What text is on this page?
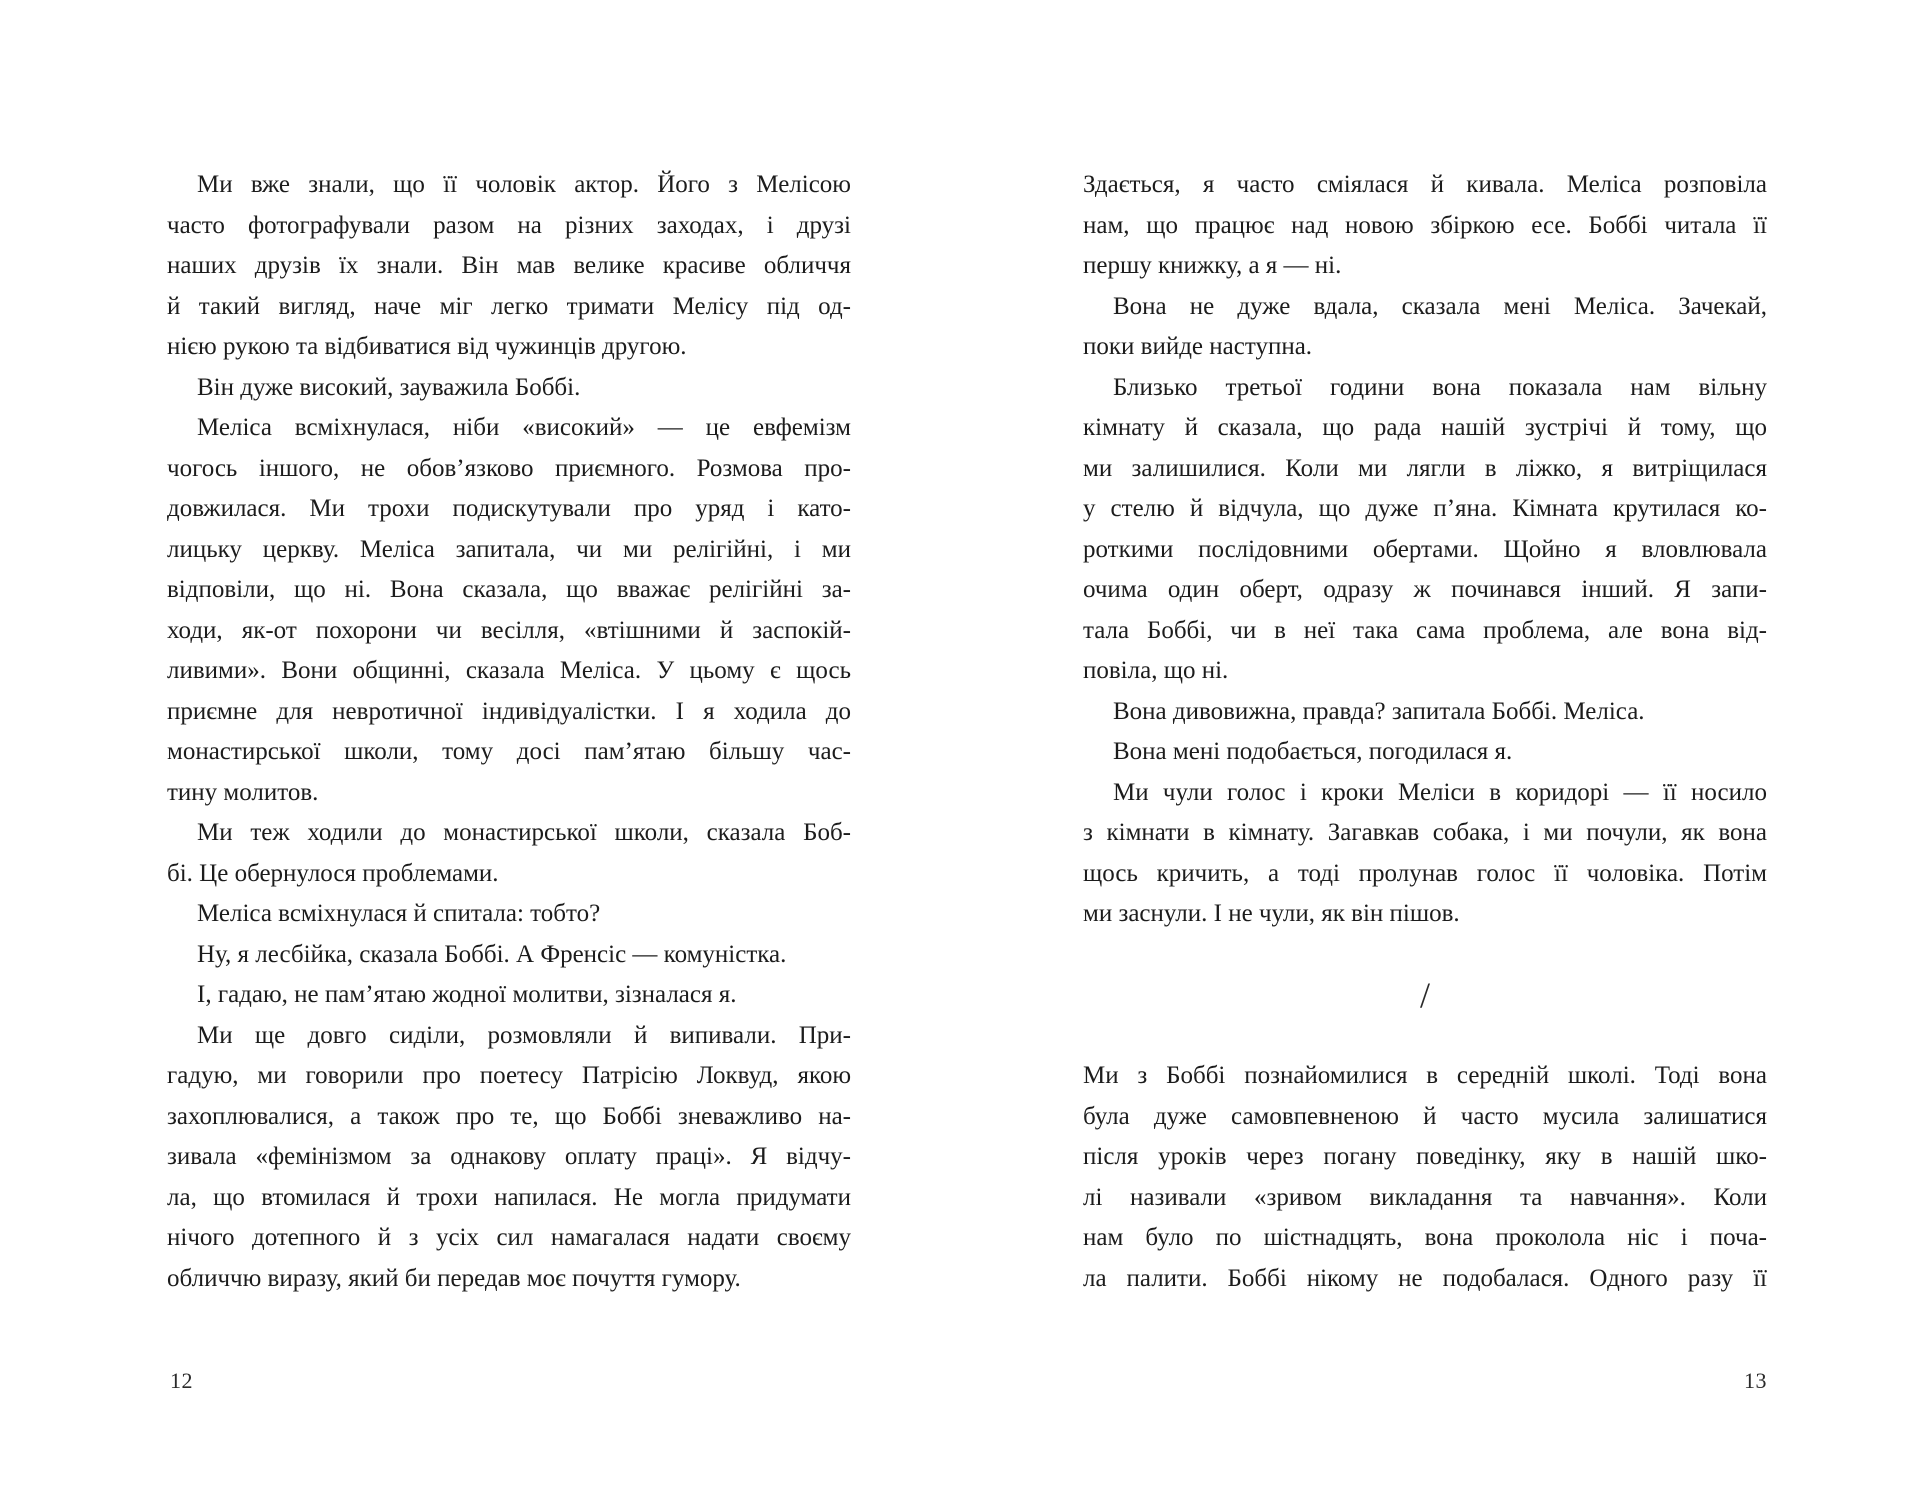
Ми вже знали, що її чоловік актор. Його з Мелісою
часто фотографували разом на різних заходах, і друзі
наших друзів їх знали. Він мав велике красиве обличчя
й такий вигляд, наче міг легко тримати Мелісу під од-
нією рукою та відбиватися від чужинців другою.
Він дуже високий, зауважила Боббі.
Меліса всміхнулася, ніби «високий» — це евфемізм
чогось іншого, не обов’язково приємного. Розмова про-
довжилася. Ми трохи подискутували про уряд і като-
лицьку церкву. Меліса запитала, чи ми релігійні, і ми
відповіли, що ні. Вона сказала, що вважає релігійні за-
ходи, як-от похорони чи весілля, «втішними й заспокій-
ливими». Вони общинні, сказала Меліса. У цьому є щось
приємне для невротичної індивідуалістки. І я ходила до
монастирської школи, тому досі пам’ятаю більшу час-
тину молитов.
Ми теж ходили до монастирської школи, сказала Боб-
бі. Це обернулося проблемами.
Меліса всміхнулася й спитала: тобто?
Ну, я лесбійка, сказала Боббі. А Френсіс — комуністка.
І, гадаю, не пам’ятаю жодної молитви, зізналася я.
Ми ще довго сиділи, розмовляли й випивали. При-
гадую, ми говорили про поетесу Патрісію Локвуд, якою
захоплювалися, а також про те, що Боббі зневажливо на-
зивала «фемінізмом за однакову оплату праці». Я відчу-
ла, що втомилася й трохи напилася. Не могла придумати
нічого дотепного й з усіх сил намагалася надати своєму
обличчю виразу, який би передав моє почуття гумору.
Здається, я часто сміялася й кивала. Меліса розповіла
нам, що працює над новою збіркою есе. Боббі читала її
першу книжку, а я — ні.
Вона не дуже вдала, сказала мені Меліса. Зачекай,
поки вийде наступна.
Близько третьої години вона показала нам вільну
кімнату й сказала, що рада нашій зустрічі й тому, що
ми залишилися. Коли ми лягли в ліжко, я витріщилася
у стелю й відчула, що дуже п’яна. Кімната крутилася ко-
роткими послідовними обертами. Щойно я вловлювала
очима один оберт, одразу ж починався інший. Я запи-
тала Боббі, чи в неї така сама проблема, але вона від-
повіла, що ні.
Вона дивовижна, правда? запитала Боббі. Меліса.
Вона мені подобається, погодилася я.
Ми чули голос і кроки Меліси в коридорі — її носило
з кімнати в кімнату. Загавкав собака, і ми почули, як вона
щось кричить, а тоді пролунав голос її чоловіка. Потім
ми заснули. І не чули, як він пішов.
/
Ми з Боббі познайомилися в середній школі. Тоді вона
була дуже самовпевненою й часто мусила залишатися
після уроків через погану поведінку, яку в нашій шко-
лі називали «зривом викладання та навчання». Коли
нам було по шістнадцять, вона проколола ніс і поча-
ла палити. Боббі нікому не подобалася. Одного разу її
12	13
